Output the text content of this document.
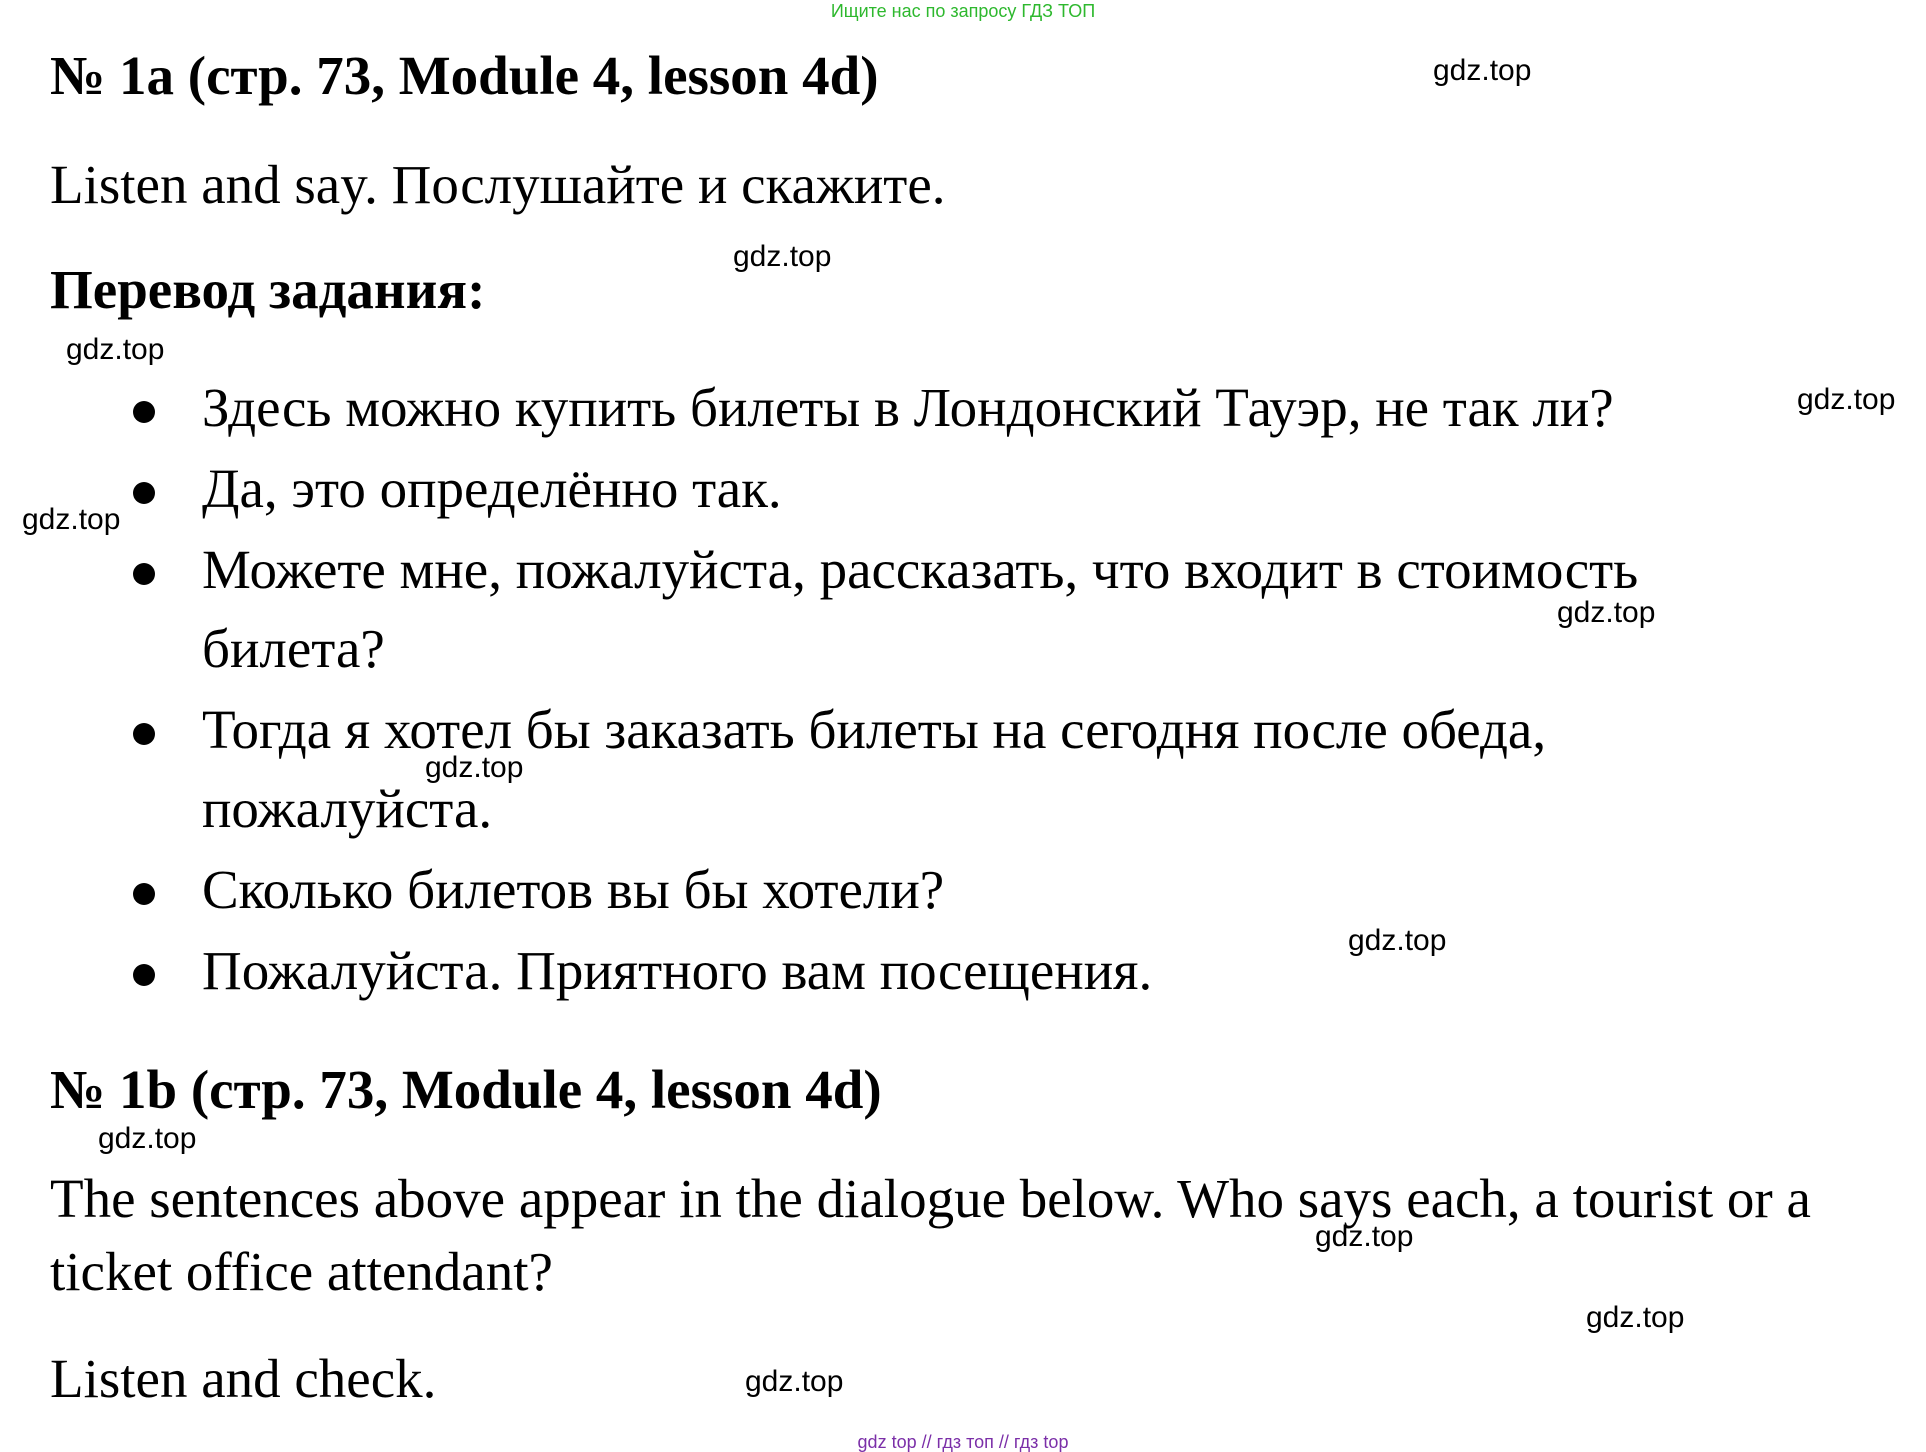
Ищите нас по запросу ГДЗ ТОП
№ 1a (стр. 73, Module 4, lesson 4d)
Listen and say. Послушайте и скажите.
Перевод задания:
Здесь можно купить билеты в Лондонский Тауэр, не так ли?
Да, это определённо так.
Можете мне, пожалуйста, рассказать, что входит в стоимость билета?
Тогда я хотел бы заказать билеты на сегодня после обеда, пожалуйста.
Сколько билетов вы бы хотели?
Пожалуйста. Приятного вам посещения.
№ 1b (стр. 73, Module 4, lesson 4d)
The sentences above appear in the dialogue below. Who says each, a tourist or a ticket office attendant?
Listen and check.
gdz.top
gdz.top
gdz.top
gdz.top
gdz.top
gdz.top
gdz.top
gdz.top
gdz.top
gdz.top
gdz.top
gdz.top
gdz top // гдз топ // гдз top
